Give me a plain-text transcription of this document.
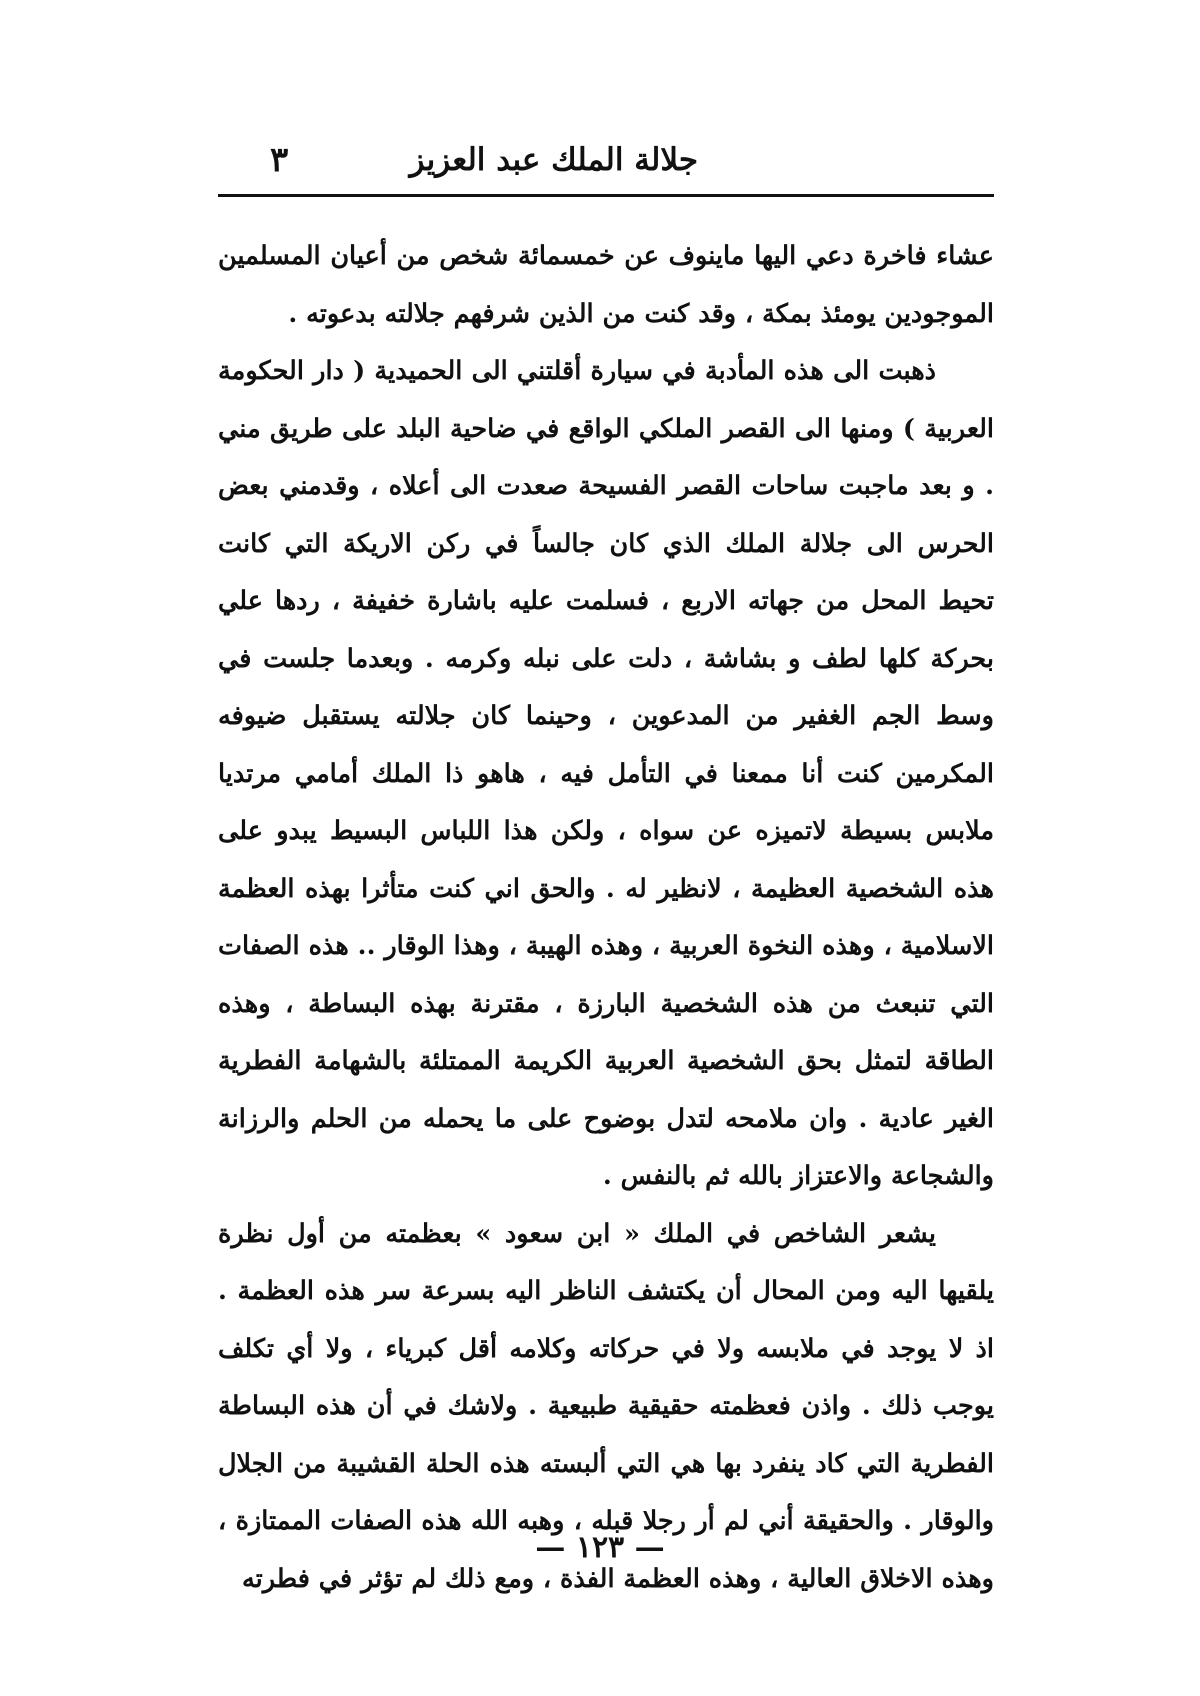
جلالة الملك عبد العزيز
٣

عشاء فاخرة دعي اليها ماينوف عن خمسمائة شخص من أعيان المسلمين الموجودين يومئذ بمكة ، وقد كنت من الذين شرفهم جلالته بدعوته .

ذهبت الى هذه المأدبة في سيارة أقلتني الى الحميدية ( دار الحكومة العربية ) ومنها الى القصر الملكي الواقع في ضاحية البلد على طريق مني . و بعد ماجبت ساحات القصر الفسيحة صعدت الى أعلاه ، وقدمني بعض الحرس الى جلالة الملك الذي كان جالساً في ركن الاريكة التي كانت تحيط المحل من جهاته الاربع ، فسلمت عليه باشارة خفيفة ، ردها علي بحركة كلها لطف و بشاشة ، دلت على نبله وكرمه . وبعدما جلست في وسط الجم الغفير من المدعوين ، وحينما كان جلالته يستقبل ضيوفه المكرمين كنت أنا ممعنا في التأمل فيه ، هاهو ذا الملك أمامي مرتديا ملابس بسيطة لاتميزه عن سواه ، ولكن هذا اللباس البسيط يبدو على هذه الشخصية العظيمة ، لانظير له . والحق اني كنت متأثرا بهذه العظمة الاسلامية ، وهذه النخوة العربية ، وهذه الهيبة ، وهذا الوقار .. هذه الصفات التي تنبعث من هذه الشخصية البارزة ، مقترنة بهذه البساطة ، وهذه الطاقة لتمثل بحق الشخصية العربية الكريمة الممتلئة بالشهامة الفطرية الغير عادية . وان ملامحه لتدل بوضوح على ما يحمله من الحلم والرزانة والشجاعة والاعتزاز بالله ثم بالنفس .

يشعر الشاخص في الملك « ابن سعود » بعظمته من أول نظرة يلقيها اليه ومن المحال أن يكتشف الناظر اليه بسرعة سر هذه العظمة . اذ لا يوجد في ملابسه ولا في حركاته وكلامه أقل كبرياء ، ولا أي تكلف يوجب ذلك . واذن فعظمته حقيقية طبيعية . ولاشك في أن هذه البساطة الفطرية التي كاد ينفرد بها هي التي ألبسته هذه الحلة القشيبة من الجلال والوقار . والحقيقة أني لم أر رجلا قبله ، وهبه الله هذه الصفات الممتازة ، وهذه الاخلاق العالية ، وهذه العظمة الفذة ، ومع ذلك لم تؤثر في فطرته

— ١٢٣ —
